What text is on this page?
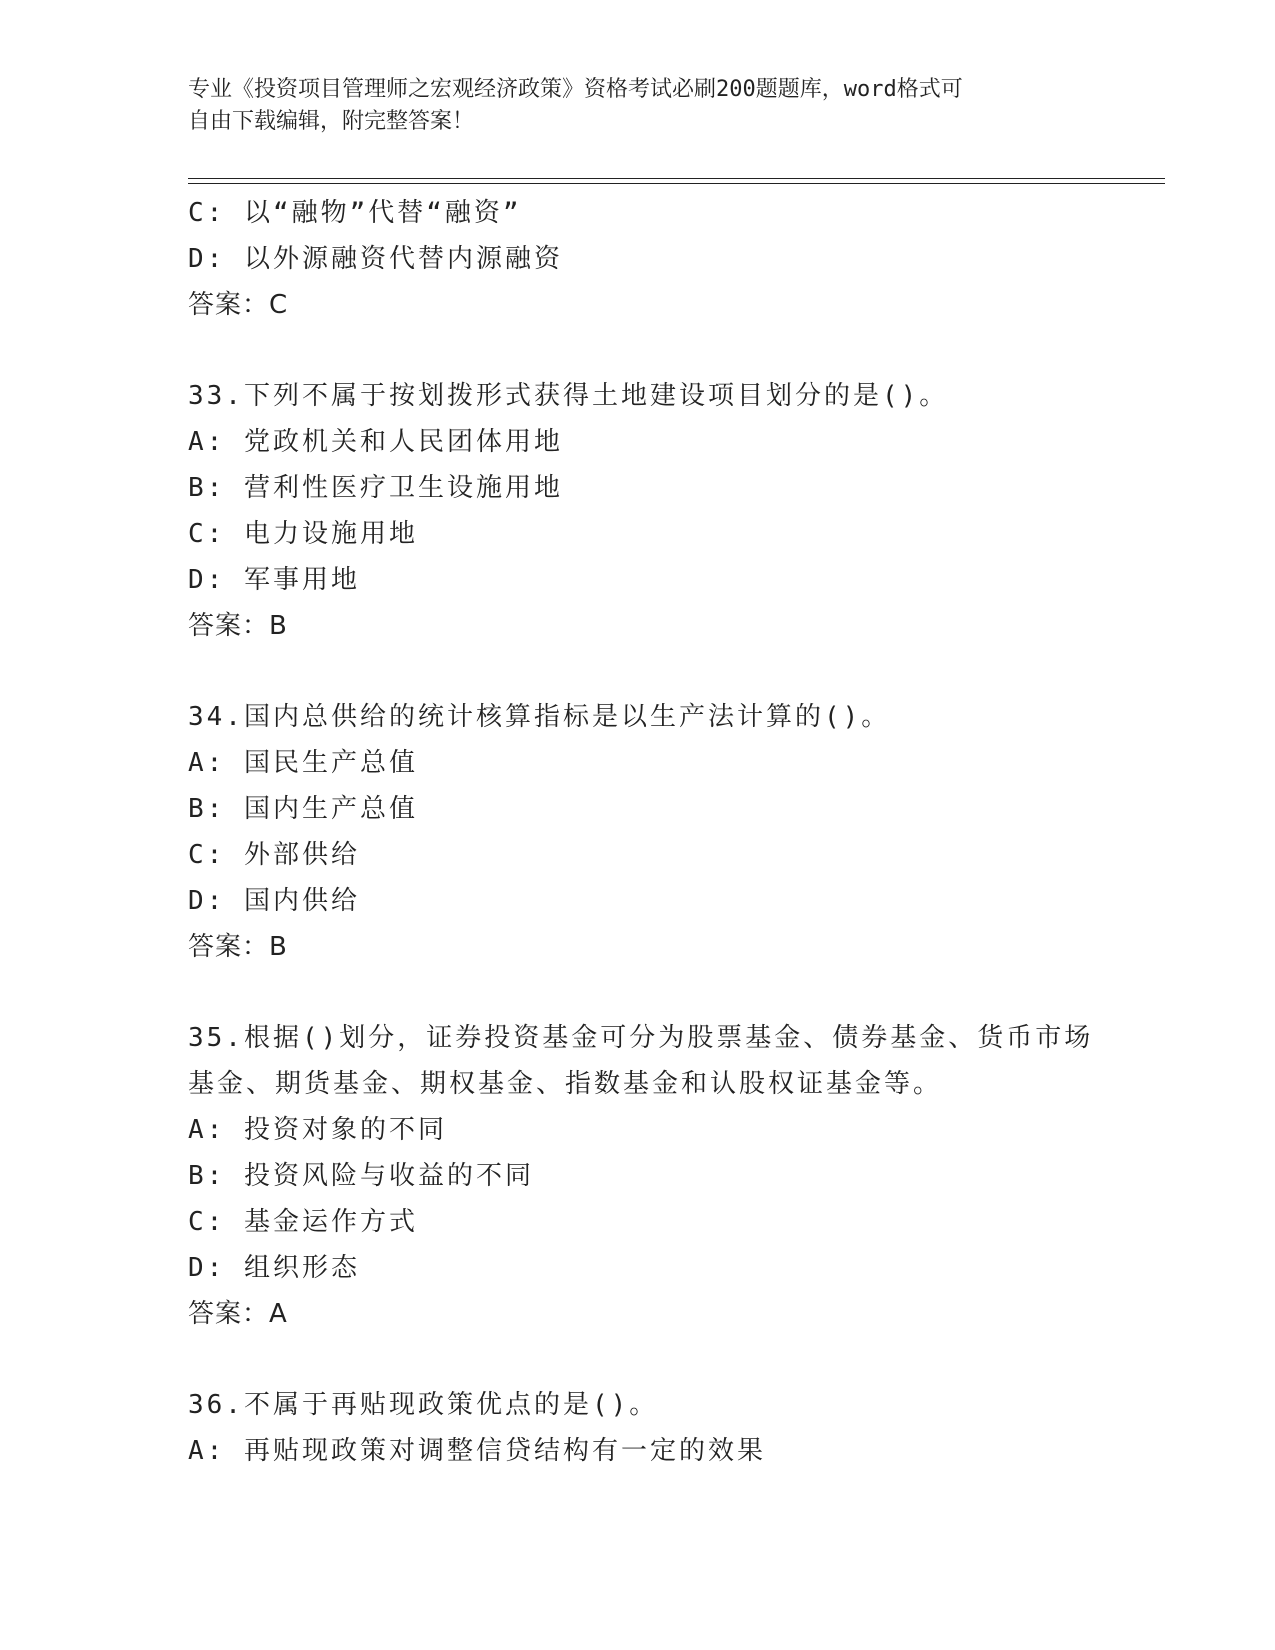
专业《投资项目管理师之宏观经济政策》资格考试必刷200题题库，word格式可
自由下载编辑，附完整答案！
C: 以“融物”代替“融资”
D: 以外源融资代替内源融资
答案：C
33.下列不属于按划拨形式获得土地建设项目划分的是()。
A: 党政机关和人民团体用地
B: 营利性医疗卫生设施用地
C: 电力设施用地
D: 军事用地
答案：B
34.国内总供给的统计核算指标是以生产法计算的()。
A: 国民生产总值
B: 国内生产总值
C: 外部供给
D: 国内供给
答案：B
35.根据()划分，证券投资基金可分为股票基金、债券基金、货币市场
基金、期货基金、期权基金、指数基金和认股权证基金等。
A: 投资对象的不同
B: 投资风险与收益的不同
C: 基金运作方式
D: 组织形态
答案：A
36.不属于再贴现政策优点的是()。
A: 再贴现政策对调整信贷结构有一定的效果
